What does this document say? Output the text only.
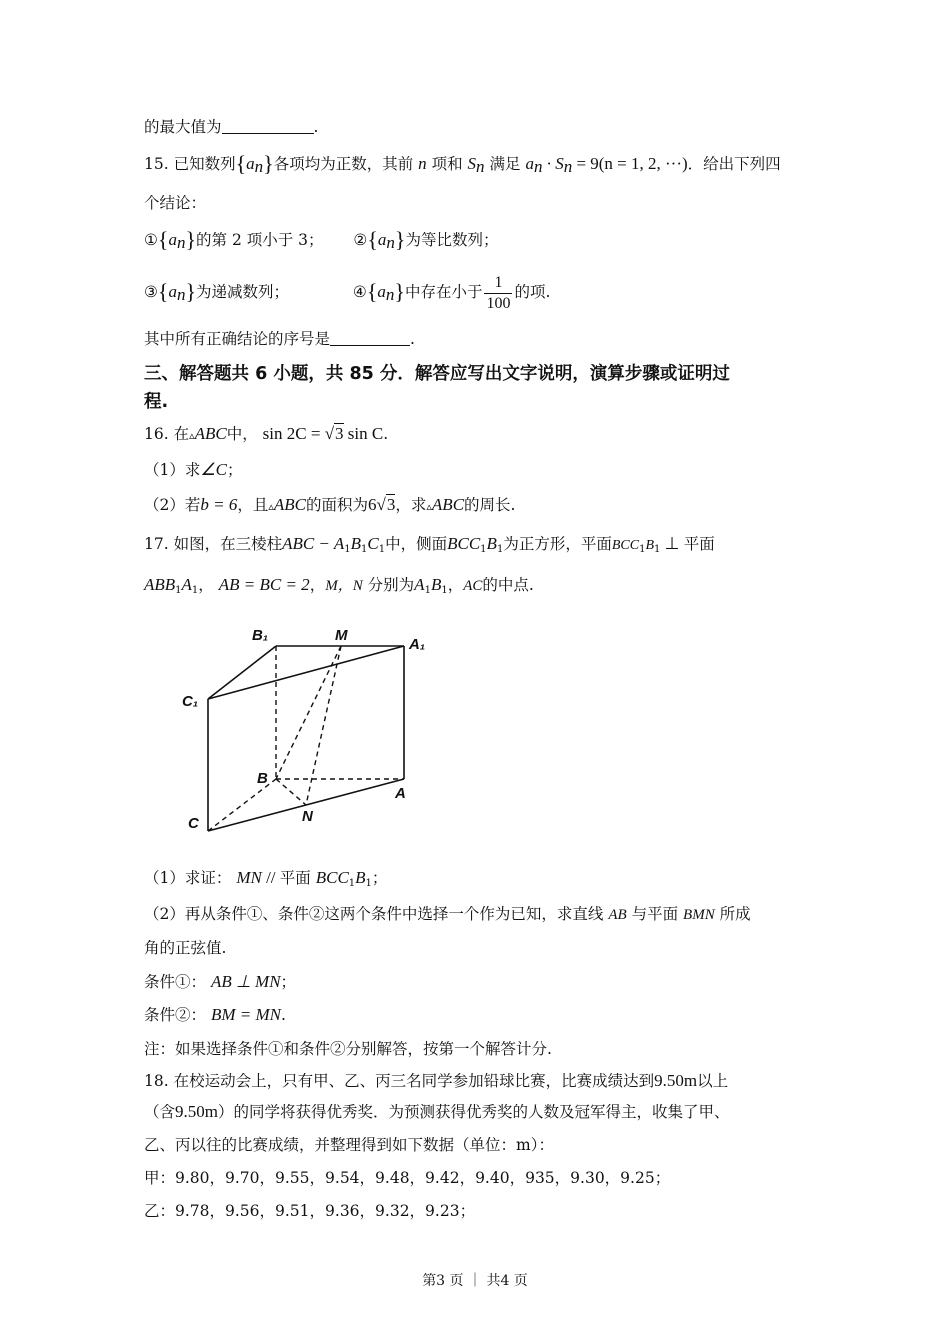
的最大值为	.
15. 已知数列$\{a_n\}$各项均为正数，其前 n 项和 $S_n$ 满足 $a_n \cdot S_n = 9(n = 1$, 2, ···)．给出下列四
个结论：
$①\{a_n\}$的第 2 项小于 3； $②\{a_n\}$为等比数列；
$③\{a_n\}$为递减数列；	$④\{a_n\}$中存在小于 $\frac{1}{100}$ 的项.
其中所有正确结论的序号是	.
三、解答题共 6 小题，共 85 分．解答应写出文字说明，演算步骤或证明过
程.
16. 在▵ABC中， sin 2C = √3 sin C.
（1）求∠C；
（2）若b = 6，且▵ABC的面积为6√3，求▵ABC的周长.
17. 如图，在三棱柱ABC − $A_1B_1C_1$中，侧面$BCC_1B_1$为正方形，平面$BCC_1B_1$ ⊥ 平面
$ABB_1A_1$， AB = BC = 2，M，N 分别为$A_1B_1$，AC的中点.
B₁	M
A₁
C₁
B
A
C	N
（1）求证： MN // 平面 $BCC_1B_1$；
（2）再从条件①、条件②这两个条件中选择一个作为已知，求直线 AB 与平面 BMN 所成
角的正弦值.
条件①： AB ⊥ MN；
条件②： BM = MN.
注：如果选择条件①和条件②分别解答，按第一个解答计分.
18. 在校运动会上，只有甲、乙、丙三名同学参加铅球比赛，比赛成绩达到9.50m以上
（含9.50m）的同学将获得优秀奖．为预测获得优秀奖的人数及冠军得主，收集了甲、
乙、丙以往的比赛成绩，并整理得到如下数据（单位：m）：
甲：9.80，9.70，9.55，9.54，9.48，9.42，9.40，935，9.30，9.25；
乙：9.78，9.56，9.51，9.36，9.32，9.23；
第3 页 ｜ 共4 页
